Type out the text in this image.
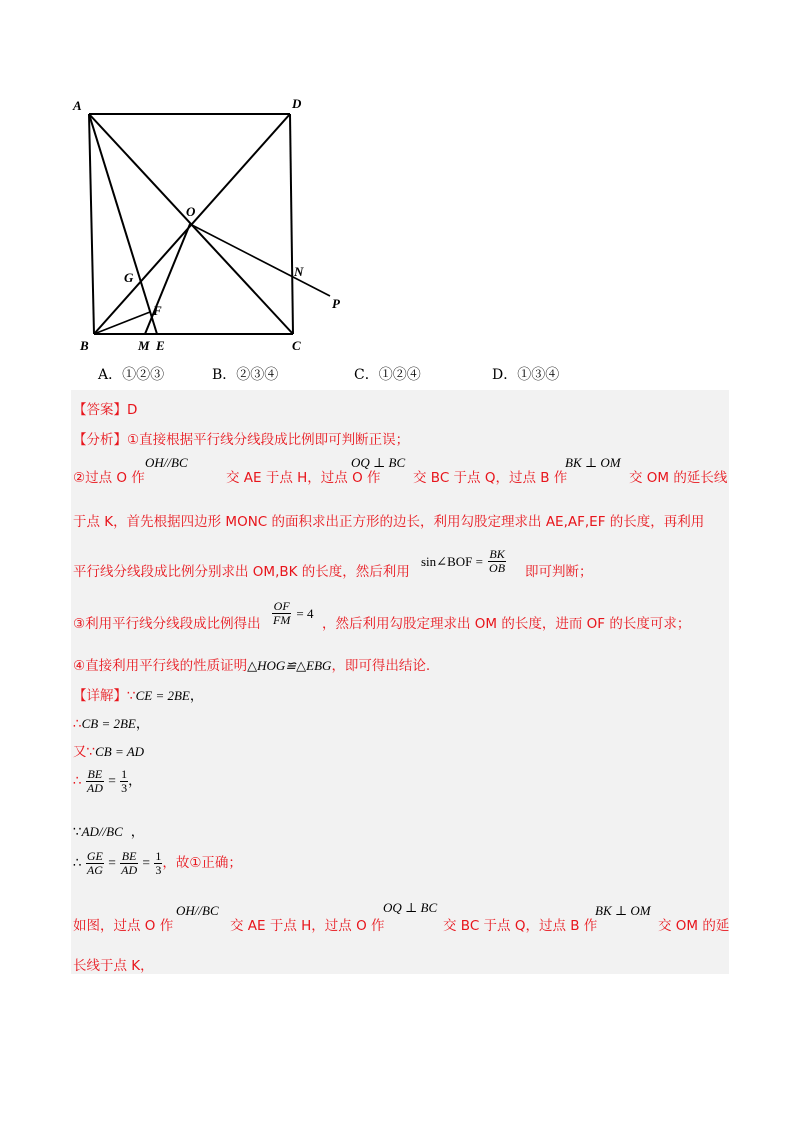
A	D
O
G	N
P
F
B	M E	C
A．①②③	B．②③④	C．①②④	D．①③④
【答案】D
【分析】①直接根据平行线分线段成比例即可判断正误；
②过点 O 作
OH//BC
交 AE 于点 H，过点 O 作
OQ ⊥ BC
交 BC 于点 Q，过点 B 作
BK ⊥ OM
交 OM 的延长线
于点 K，首先根据四边形 MONC 的面积求出正方形的边长，利用勾股定理求出 AE,AF,EF 的长度，再利用
平行线分线段成比例分别求出 OM,BK 的长度，然后利用
sin∠BOF = $\frac{BK}{OB}$ 即可判断；
③利用平行线分线段成比例得出 $\frac{OF}{FM} = 4$
，然后利用勾股定理求出 OM 的长度，进而 OF 的长度可求；
④直接利用平行线的性质证明△HOG≌△EBG，即可得出结论.
【详解】∵CE = 2BE，
∴CB = 2BE，
又∵CB = AD
∴ $\frac{BE}{AD} = \frac{1}{3}$ ，
∵AD//BC ，
∴ $\frac{GE}{AG} = \frac{BE}{AD} = \frac{1}{3}$ ，故①正确；
如图，过点 O 作
OH//BC
交 AE 于点 H，过点 O 作
OQ ⊥ BC
交 BC 于点 Q，过点 B 作
BK ⊥ OM
交 OM 的延
长线于点 K，
